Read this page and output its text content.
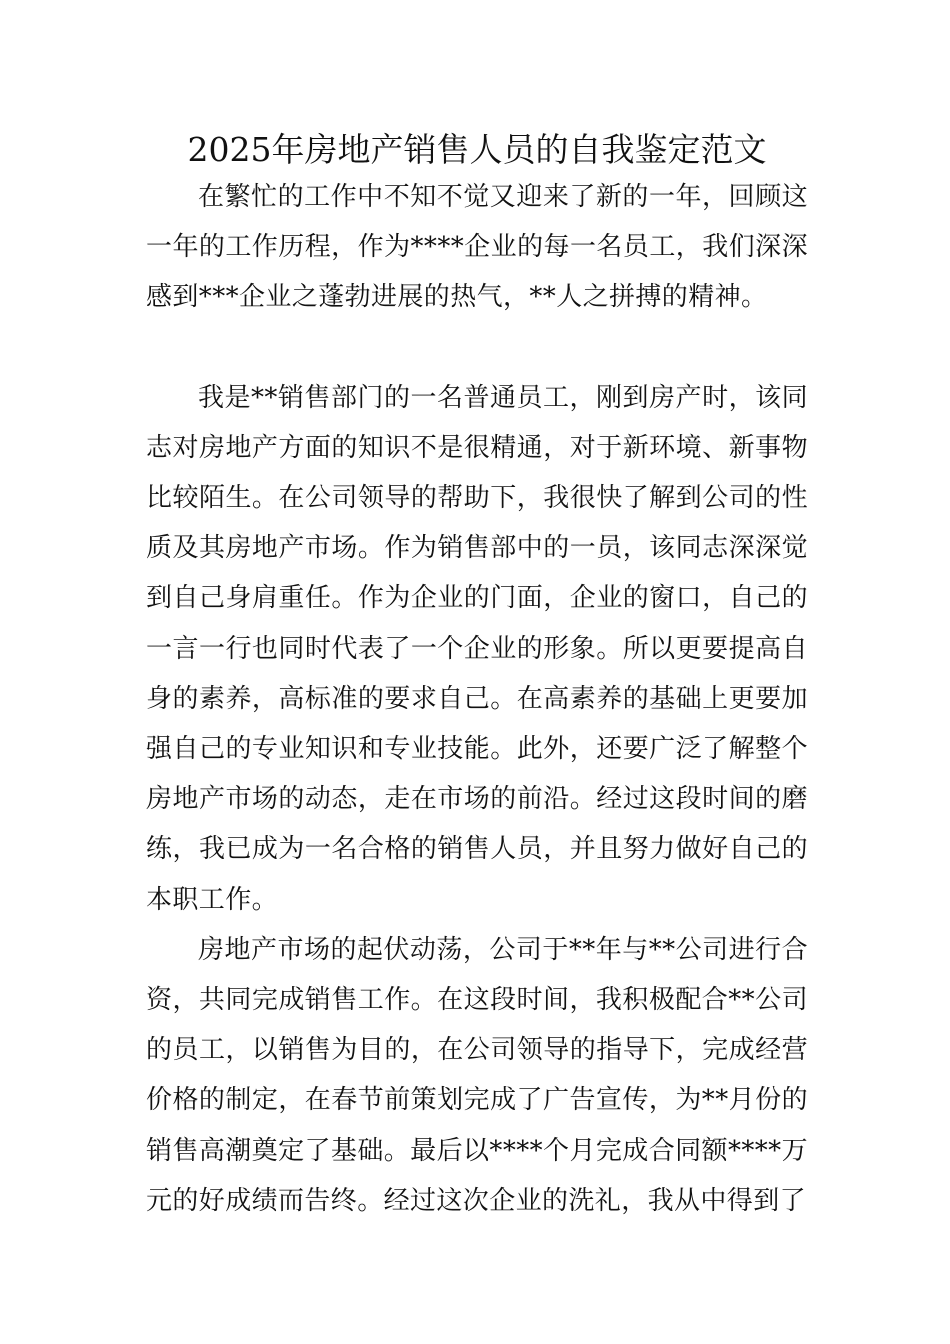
2025年房地产销售人员的自我鉴定范文

在繁忙的工作中不知不觉又迎来了新的一年，回顾这一年的工作历程，作为****企业的每一名员工，我们深深感到***企业之蓬勃进展的热气，**人之拼搏的精神。

我是**销售部门的一名普通员工，刚到房产时，该同志对房地产方面的知识不是很精通，对于新环境、新事物比较陌生。在公司领导的帮助下，我很快了解到公司的性质及其房地产市场。作为销售部中的一员，该同志深深觉到自己身肩重任。作为企业的门面，企业的窗口，自己的一言一行也同时代表了一个企业的形象。所以更要提高自身的素养，高标准的要求自己。在高素养的基础上更要加强自己的专业知识和专业技能。此外，还要广泛了解整个房地产市场的动态，走在市场的前沿。经过这段时间的磨练，我已成为一名合格的销售人员，并且努力做好自己的本职工作。

房地产市场的起伏动荡，公司于**年与**公司进行合资，共同完成销售工作。在这段时间，我积极配合**公司的员工，以销售为目的，在公司领导的指导下，完成经营价格的制定，在春节前策划完成了广告宣传，为**月份的销售高潮奠定了基础。最后以****个月完成合同额****万元的好成绩而告终。经过这次企业的洗礼，我从中得到了
